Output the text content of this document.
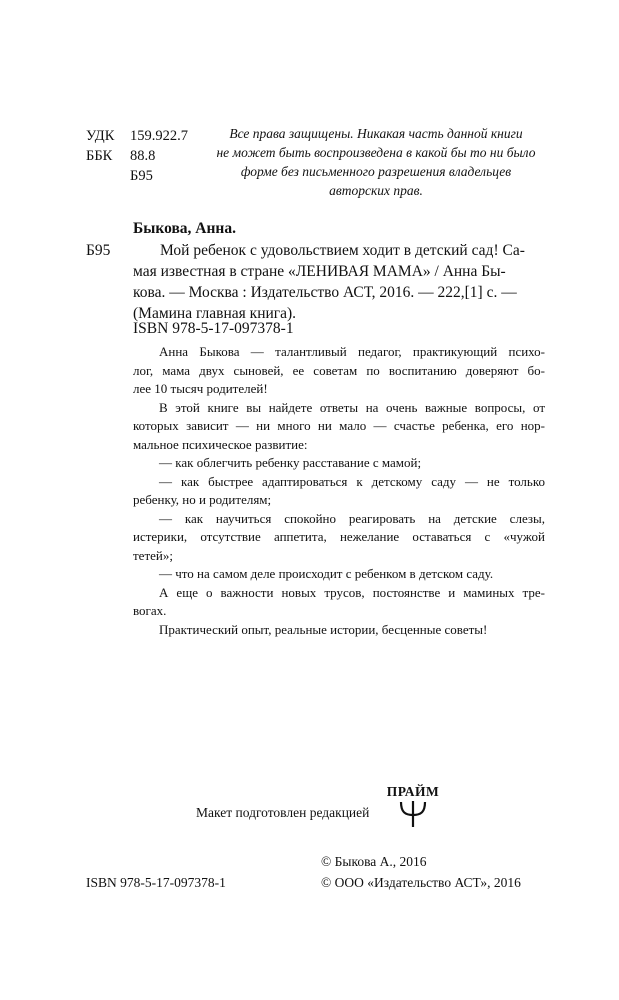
УДК 159.922.7
ББК 88.8
Б95
Все права защищены. Никакая часть данной книги
не может быть воспроизведена в какой бы то ни было
форме без письменного разрешения владельцев
авторских прав.
Быкова, Анна.
Б95	Мой ребенок с удовольствием ходит в детский сад! Са-
мая известная в стране «ЛЕНИВАЯ МАМА» / Анна Бы-
кова. — Москва : Издательство АСТ, 2016. — 222,[1] с. —
(Мамина главная книга).
ISBN 978-5-17-097378-1
Анна Быкова — талантливый педагог, практикующий психо-
лог, мама двух сыновей, ее советам по воспитанию доверяют бо-
лее 10 тысяч родителей!
В этой книге вы найдете ответы на очень важные вопросы, от
которых зависит — ни много ни мало — счастье ребенка, его нор-
мальное психическое развитие:
— как облегчить ребенку расставание с мамой;
— как быстрее адаптироваться к детскому саду — не только
ребенку, но и родителям;
— как научиться спокойно реагировать на детские слезы,
истерики, отсутствие аппетита, нежелание оставаться с «чужой
тетей»;
— что на самом деле происходит с ребенком в детском саду.
А еще о важности новых трусов, постоянстве и маминых тре-
вогах.
Практический опыт, реальные истории, бесценные советы!
Макет подготовлен редакцией
ПРАЙМ
© Быкова А., 2016
ISBN 978-5-17-097378-1	© ООО «Издательство АСТ», 2016
